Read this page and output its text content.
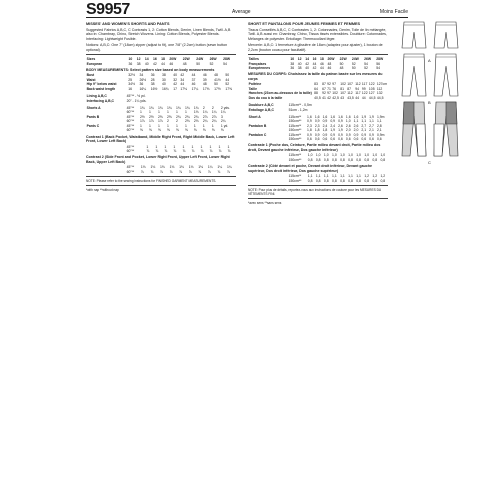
S9957	Average	Moins Facile
MISSES' AND WOMEN'S SHORTS AND PANTS
Suggested Fabrics A,B,C, C Contrasts 1, 2: Cotton Blends, Denim, Linen Blends, Twill. A,B also in: Chambray, Chino, Stretch Wovens. Lining: Cotton Blends, Polyester Blends. Interfacing: Lightweight Fusible.
Notions: A,B,C: One 7" (18cm) zipper (adjust to fit), one 7/8" (2.2cm) button (sewn button optional).
Sizes		10	12	14	16	18	20W	22W	24W	26W	28W
European		36	38	40	42	44	46	48	50	52	54
BODY MEASUREMENTS: Select pattern size based on body measurements
Bust		32½	34	36	38	40	42	44	46	48	50
Waist		25	26½	28	30	32	34	37	39	41½	44
Hip 9" below waist		34½	36	38	40	42	44	46	48	50	52
Back waist length		16	16¼	16½	16¾	17	17⅛	17¼	17⅜	17½	17⅝
Lining A,B,C	45"** - ½ yd.
Interfacing A,B,C	20" - 1¼ yds.
Shorts A	45"**	1¾	1¾	1¾	1¾	1¾	1¾	1¾	2	2	2 yds.
	60"**	1	1	1	1	1	1	1⅛	1¼	1¼	1¼
Pants B	45"**	2½	2½	2⅝	2⅝	2¾	2¾	2¾	2⅞	2⅞	3
	60"**	1⅞	1⅞	1⅞	2	2	2⅛	2⅛	2¼	2¼	2¼
Pants C	45"**	1	1	1	1	1	1	1	1	1	1 yd.
	60"**	⅝	⅝	⅝	⅝	⅝	⅝	⅝	⅝	⅝	⅝
Contrast 1 (Back Pocket, Waistband, Middle Right Front, Right Middle Back, Lower Left Front, Lower Left Back)
	45"**	1	1	1	1	1	1	1	1	1	1
	60"**	⅞	⅞	⅞	⅞	⅞	⅞	⅞	⅞	⅞	⅞
Contrast 2 (Side Front and Pocket, Lower Right Front, Upper Left Front, Lower Right Back, Upper Left Back)
	45"**	1⅛	1⅛	1⅛	1⅛	1⅛	1⅛	1⅛	1¼	1¼	1¼
	60"**	⅞	⅞	⅞	⅞	⅞	⅞	⅞	⅞	⅞	⅞
NOTE: Please refer to the sewing instructions for FINISHED GARMENT MEASUREMENTS.
*with nap **without nap
SHORT ET PANTALONS POUR JEUNES FEMMES ET FEMMES
Tissus Conseillés A,B,C, C Contrastes 1, 2: Cotonnades, Denim, Toile de lin mélangée, Twill. A,B aussi en: Chambray, Chino, Tissus tissés extensibles. Doublure: Cotonnades, Mélanges de polyester. Entoilage: Thermocollant léger.
Mercerie: A,B,C: 1 fermeture à glissière de 18cm (adaptez pour ajuster), 1 bouton de 2,2cm (bouton cousu pour facultatif).
Tailles		10	12	14	16	18	20W	22W	24W	26W	28W
Françaises		38	40	42	44	46	48	50	52	54	56
Européennes		36	38	40	42	44	46	48	50	52	54
MESURES DU CORPS: Choisissez la taille du patron basée sur les mesures du corps
Poitrine		83	87	92	97	102	107	112	117	122	127cm
Taille		64	67	71	76	81	87	94	99	105	112
Hanches (23cm au-dessous de la taille)		88	92	97	102	107	112	117	122	127	132
Dos du cou à la taille		40,5	41	42	42,5	43	43,5	44	44	44,5	44,5
Doublure A,B,C	115cm** - 0,5m
Entoilage A,B,C	51cm - 1,2m
Short A	115cm**	1,6	1,6	1,6	1,6	1,6	1,6	1,6	1,9	1,9	1,9m
	150cm**	0,9	0,9	0,9	0,9	0,9	1,0	1,1	1,1	1,1	1,1
Pantalon B	115cm**	2,3	2,3	2,4	2,4	2,6	2,6	2,6	2,7	2,7	2,8
	150cm**	1,8	1,8	1,8	1,9	1,9	2,0	2,0	2,1	2,1	2,1
Pantalon C	115cm**	0,9	0,9	0,9	0,9	0,9	0,9	0,9	0,9	0,9	0,9m
	150cm**	0,6	0,6	0,6	0,6	0,6	0,6	0,6	0,6	0,6	0,6
Contraste 1 (Poche dos, Ceinture, Partie milieu devant droit, Partie milieu dos droit, Devant gauche inférieur, Dos gauche inférieur)
	115cm**	1,0	1,0	1,0	1,0	1,0	1,0	1,0	1,0	1,0	1,0
	150cm**	0,8	0,8	0,8	0,8	0,8	0,8	0,8	0,8	0,8	0,8
Contraste 2 (Côté devant et poche, Devant droit inférieur, Devant gauche supérieur, Dos droit inférieur, Dos gauche supérieur)
	115cm**	1,1	1,1	1,1	1,1	1,1	1,1	1,1	1,2	1,2	1,2
	150cm**	0,8	0,8	0,8	0,8	0,8	0,8	0,8	0,8	0,8	0,8
NOTE: Pour plus de détails, reportez-vous aux instructions de couture pour les MESURES DU VÊTEMENTS FINI.
*avec sens **sans sens
A
B
C
